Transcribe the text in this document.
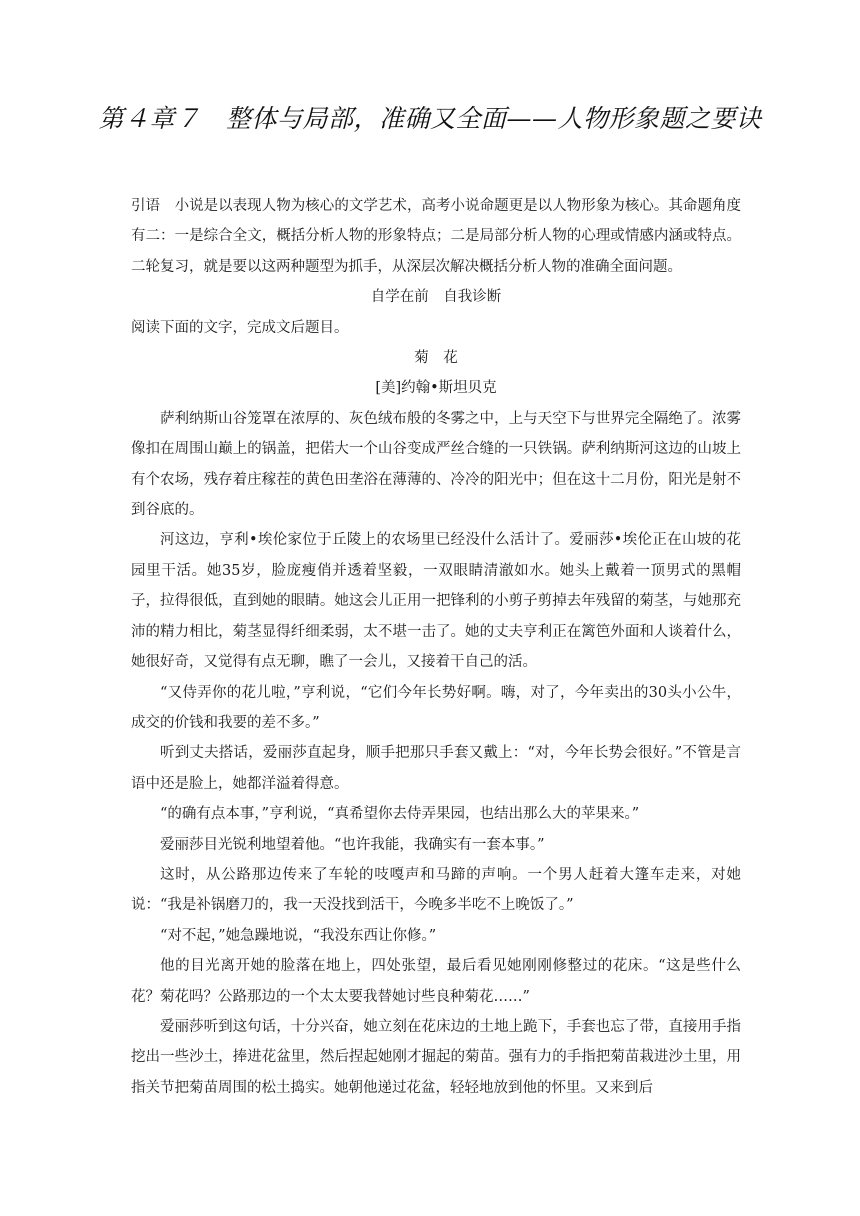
第４章７　整体与局部，准确又全面——人物形象题之要诀

引语 小说是以表现人物为核心的文学艺术，高考小说命题更是以人物形象为核心。其命题角度有二：一是综合全文，概括分析人物的形象特点；二是局部分析人物的心理或情感内涵或特点。二轮复习，就是要以这两种题型为抓手，从深层次解决概括分析人物的准确全面问题。

自学在前　自我诊断

阅读下面的文字，完成文后题目。

菊　花

[美]约翰•斯坦贝克

萨利纳斯山谷笼罩在浓厚的、灰色绒布般的冬雾之中，上与天空下与世界完全隔绝了。浓雾像扣在周围山巅上的锅盖，把偌大一个山谷变成严丝合缝的一只铁锅。萨利纳斯河这边的山坡上有个农场，残存着庄稼茬的黄色田垄浴在薄薄的、冷冷的阳光中；但在这十二月份，阳光是射不到谷底的。

河这边，亨利•埃伦家位于丘陵上的农场里已经没什么活计了。爱丽莎•埃伦正在山坡的花园里干活。她35岁，脸庞瘦俏并透着坚毅，一双眼睛清澈如水。她头上戴着一顶男式的黑帽子，拉得很低，直到她的眼睛。她这会儿正用一把锋利的小剪子剪掉去年残留的菊茎，与她那充沛的精力相比，菊茎显得纤细柔弱，太不堪一击了。她的丈夫亨利正在篱笆外面和人谈着什么，她很好奇，又觉得有点无聊，瞧了一会儿，又接着干自己的活。

“又侍弄你的花儿啦，”亨利说，“它们今年长势好啊。嗨，对了，今年卖出的30头小公牛，成交的价钱和我要的差不多。”

听到丈夫搭话，爱丽莎直起身，顺手把那只手套又戴上：“对，今年长势会很好。”不管是言语中还是脸上，她都洋溢着得意。

“的确有点本事，”亨利说，“真希望你去侍弄果园，也结出那么大的苹果来。”

爱丽莎目光锐利地望着他。“也许我能，我确实有一套本事。”

这时，从公路那边传来了车轮的吱嘎声和马蹄的声响。一个男人赶着大篷车走来，对她说：“我是补锅磨刀的，我一天没找到活干，今晚多半吃不上晚饭了。”

“对不起，”她急躁地说，“我没东西让你修。”

他的目光离开她的脸落在地上，四处张望，最后看见她刚刚修整过的花床。“这是些什么花？菊花吗？公路那边的一个太太要我替她讨些良种菊花……”

爱丽莎听到这句话，十分兴奋，她立刻在花床边的土地上跪下，手套也忘了带，直接用手指挖出一些沙土，捧进花盆里，然后捏起她刚才掘起的菊苗。强有力的手指把菊苗栽进沙土里，用指关节把菊苗周围的松土捣实。她朝他递过花盆，轻轻地放到他的怀里。又来到后
